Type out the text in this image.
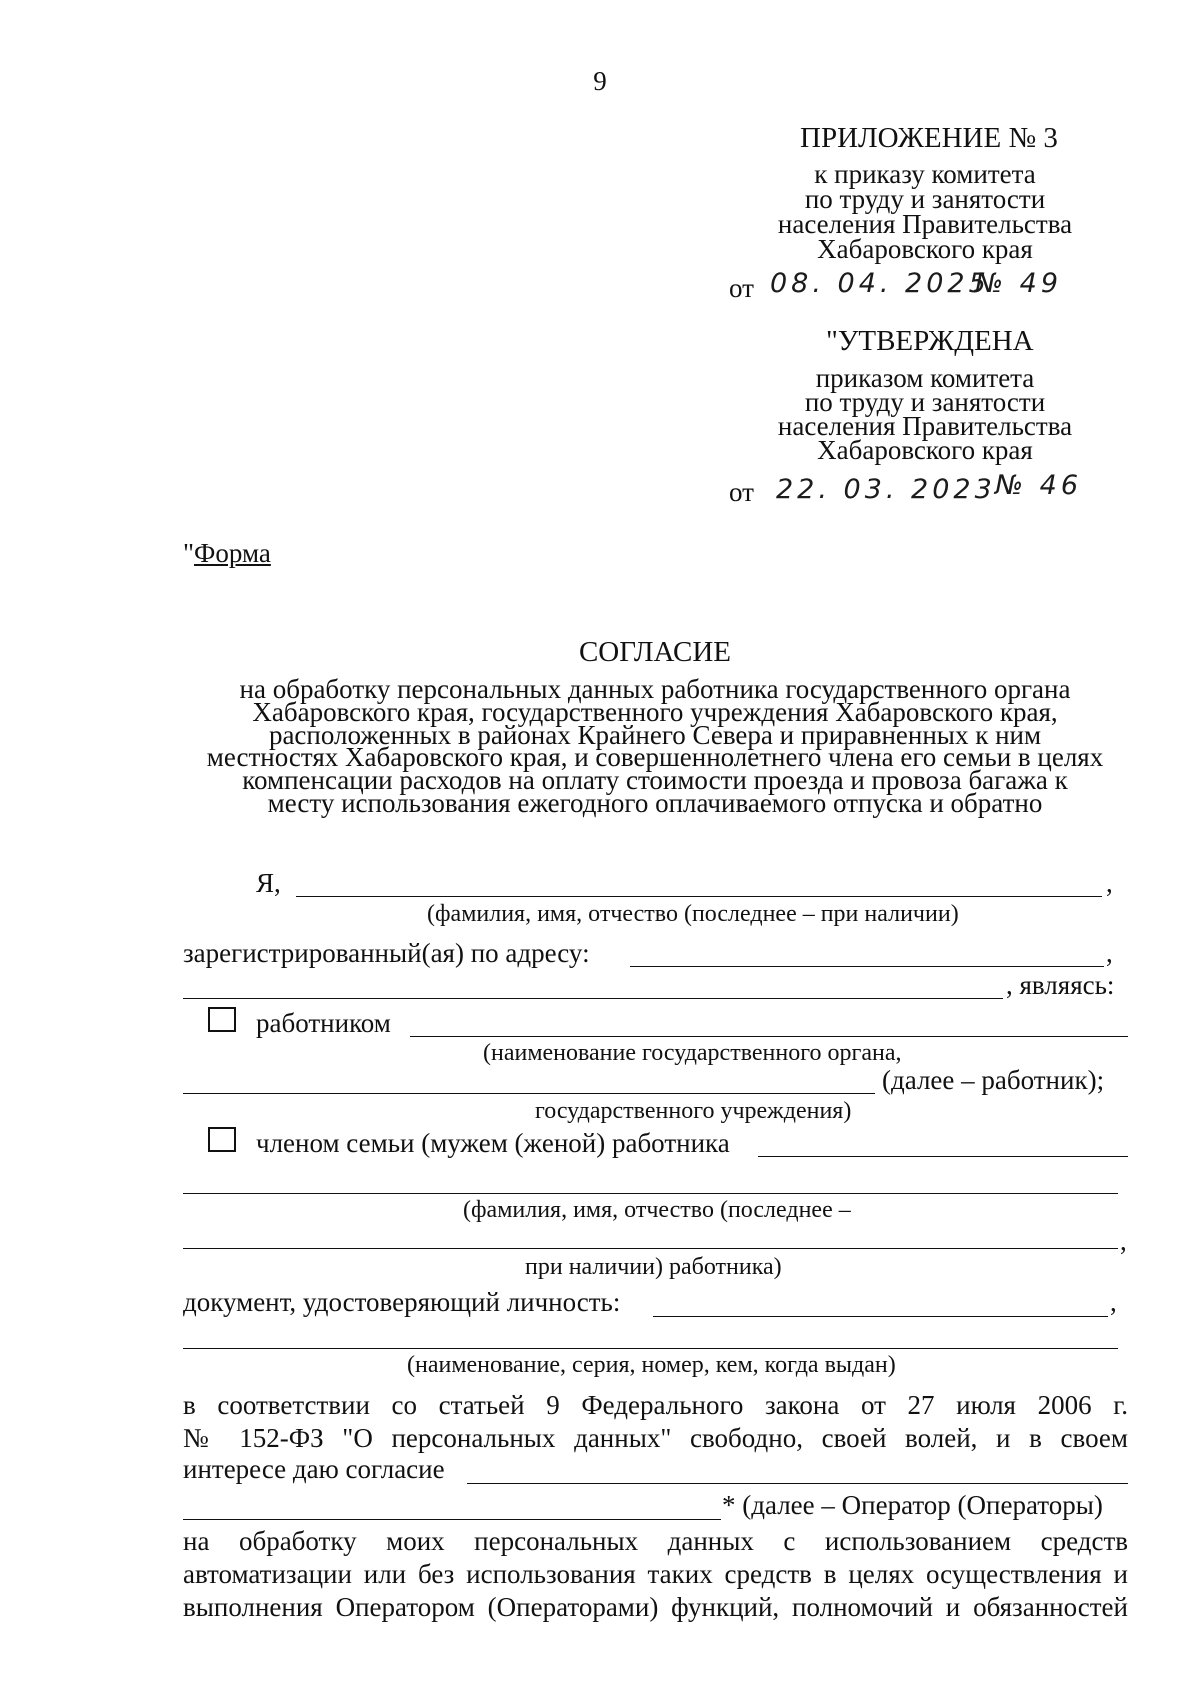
9
ПРИЛОЖЕНИЕ № 3
к приказу комитета
по труду и занятости
населения Правительства
Хабаровского края
от 08. 04. 2025
№ 49
"УТВЕРЖДЕНА
приказом комитета
по труду и занятости
населения Правительства
Хабаровского края
от 22. 03. 2023 № 46
"Форма
СОГЛАСИЕ
на обработку персональных данных работника государственного органа
Хабаровского края, государственного учреждения Хабаровского края,
расположенных в районах Крайнего Севера и приравненных к ним
местностях Хабаровского края, и совершеннолетнего члена его семьи в целях
компенсации расходов на оплату стоимости проезда и провоза багажа к
месту использования ежегодного оплачиваемого отпуска и обратно
Я,	,
(фамилия, имя, отчество (последнее – при наличии)
зарегистрированный(ая) по адресу:	,
, являясь:
работником
(наименование государственного органа,
(далее – работник);
государственного учреждения)
членом семьи (мужем (женой) работника
(фамилия, имя, отчество (последнее –
,
при наличии) работника)
документ, удостоверяющий личность:	,
(наименование, серия, номер, кем, когда выдан)
в соответствии со статьей 9 Федерального закона от 27 июля 2006 г.
№ 152-ФЗ "О персональных данных" свободно, своей волей, и в своем
интересе даю согласие
* (далее – Оператор (Операторы)
на обработку моих персональных данных с использованием средств
автоматизации или без использования таких средств в целях осуществления и
выполнения Оператором (Операторами) функций, полномочий и обязанностей
